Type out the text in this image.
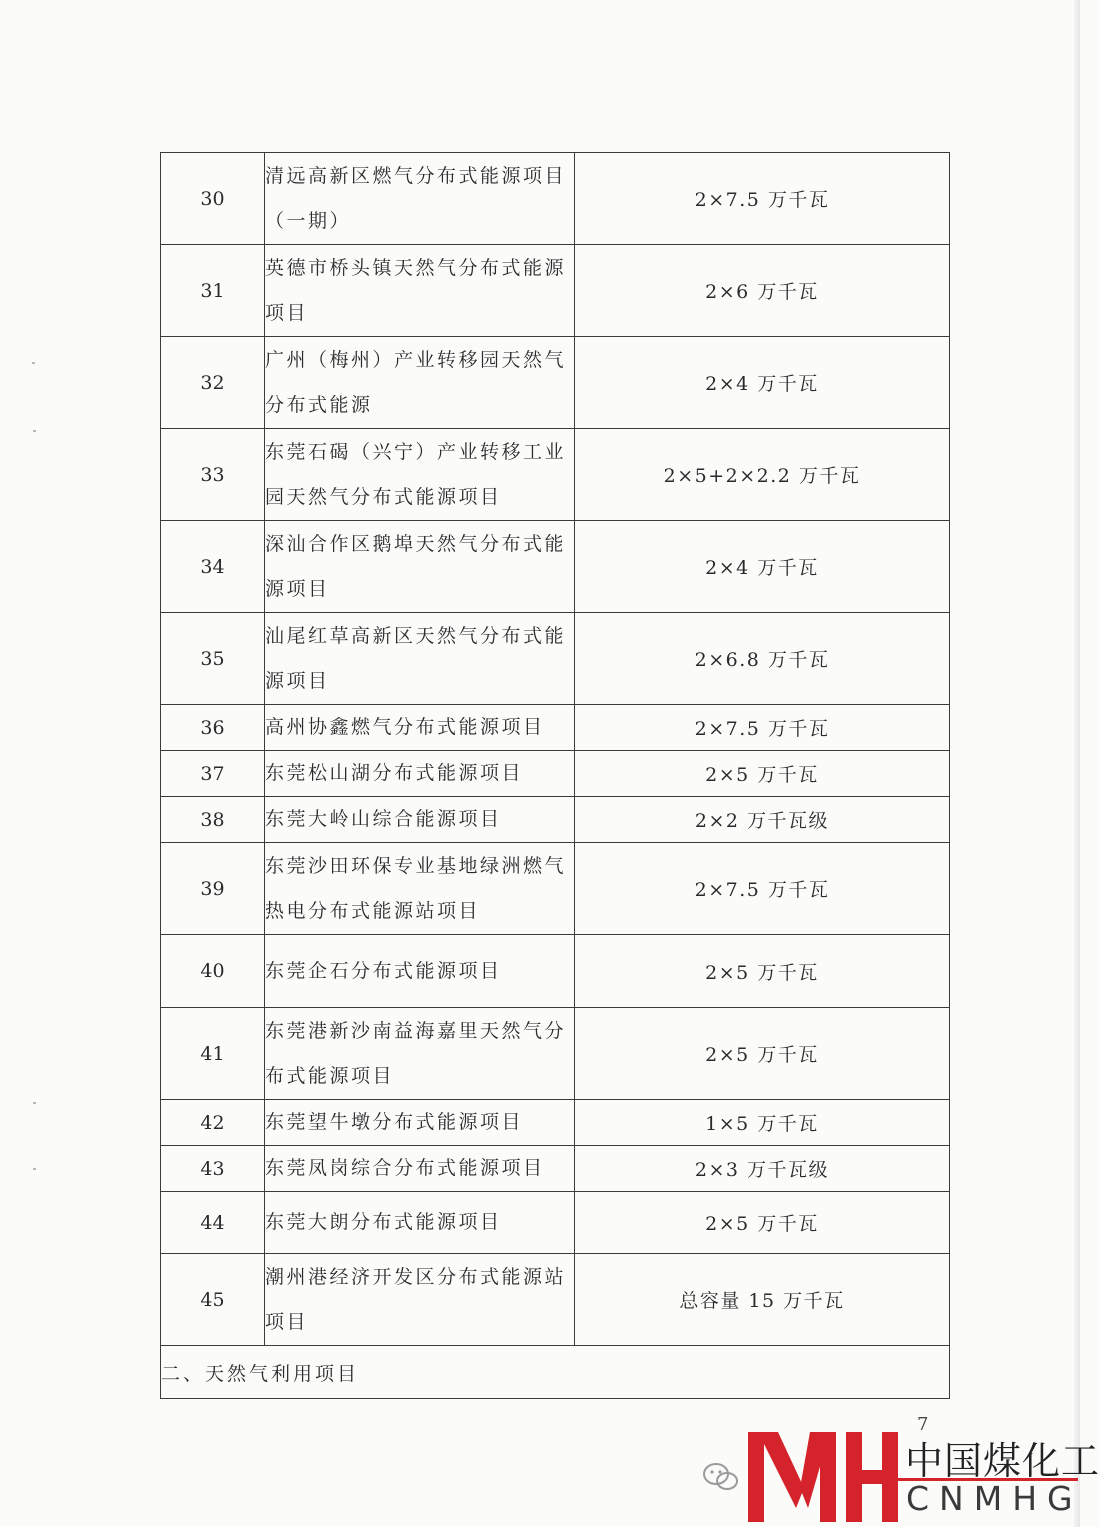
30	清远高新区燃气分布式能源项目（一期）	2×7.5 万千瓦
31	英德市桥头镇天然气分布式能源项目	2×6 万千瓦
32	广州（梅州）产业转移园天然气分布式能源	2×4 万千瓦
33	东莞石碣（兴宁）产业转移工业园天然气分布式能源项目	2×5+2×2.2 万千瓦
34	深汕合作区鹅埠天然气分布式能源项目	2×4 万千瓦
35	汕尾红草高新区天然气分布式能源项目	2×6.8 万千瓦
36	高州协鑫燃气分布式能源项目	2×7.5 万千瓦
37	东莞松山湖分布式能源项目	2×5 万千瓦
38	东莞大岭山综合能源项目	2×2 万千瓦级
39	东莞沙田环保专业基地绿洲燃气热电分布式能源站项目	2×7.5 万千瓦
40	东莞企石分布式能源项目	2×5 万千瓦
41	东莞港新沙南益海嘉里天然气分布式能源项目	2×5 万千瓦
42	东莞望牛墩分布式能源项目	1×5 万千瓦
43	东莞凤岗综合分布式能源项目	2×3 万千瓦级
44	东莞大朗分布式能源项目	2×5 万千瓦
45	潮州港经济开发区分布式能源站项目	总容量 15 万千瓦
二、天然气利用项目		
7
中国煤化工
CNMHG
